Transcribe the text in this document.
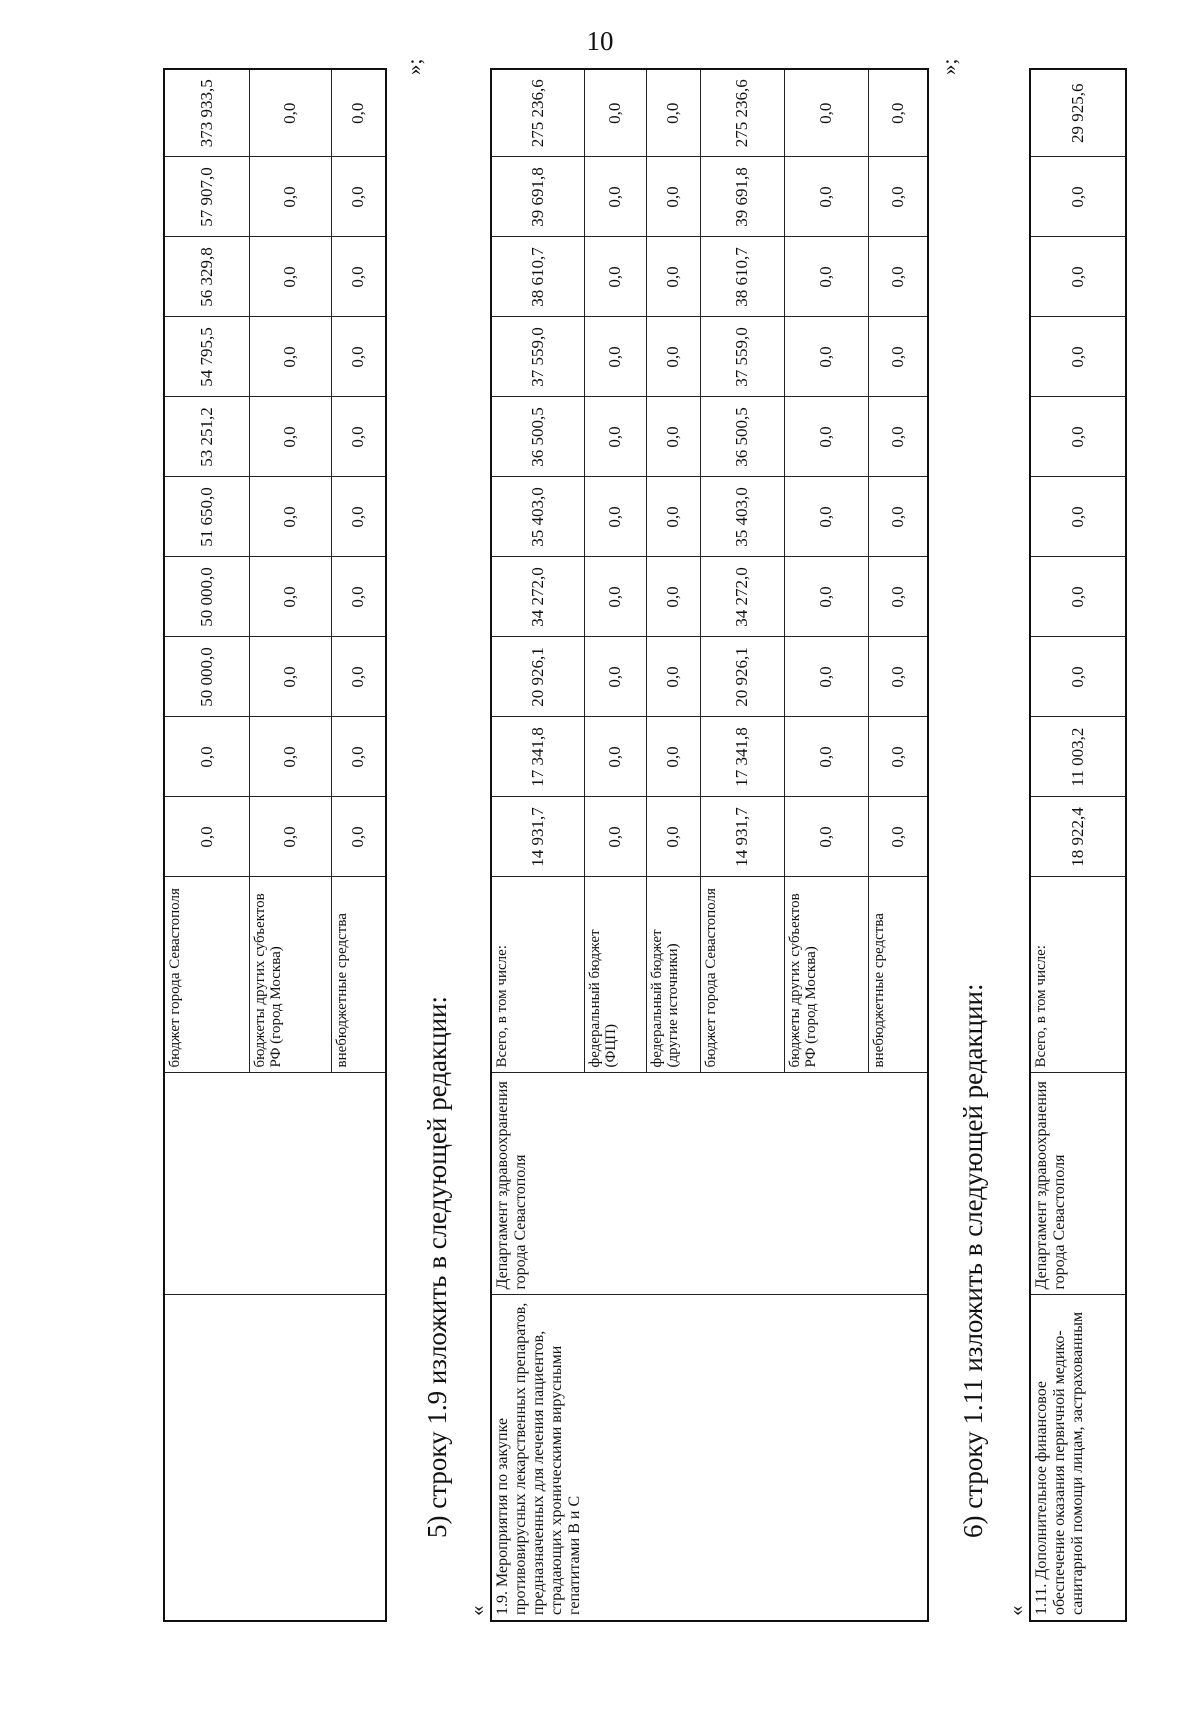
10
		бюджет города Севастополя	0,0	0,0	50 000,0	50 000,0	51 650,0	53 251,2	54 795,5	56 329,8	57 907,0	373 933,5
		бюджеты других субъектов РФ (город Москва)	0,0	0,0	0,0	0,0	0,0	0,0	0,0	0,0	0,0	0,0
		внебюджетные средства	0,0	0,0	0,0	0,0	0,0	0,0	0,0	0,0	0,0	0,0
5) строку 1.9 изложить в следующей редакции:
« 1.9. Мероприятия по закупке противовирусных лекарственных препаратов, предназначенных для лечения пациентов, страдающих хроническими вирусными гепатитами В и С	Департамент здравоохранения города Севастополя	Всего, в том числе:	14 931,7	17 341,8	20 926,1	34 272,0	35 403,0	36 500,5	37 559,0	38 610,7	39 691,8	275 236,6
		федеральный бюджет (ФЦП)	0,0	0,0	0,0	0,0	0,0	0,0	0,0	0,0	0,0	0,0
		федеральный бюджет (другие источники)	0,0	0,0	0,0	0,0	0,0	0,0	0,0	0,0	0,0	0,0
		бюджет города Севастополя	14 931,7	17 341,8	20 926,1	34 272,0	35 403,0	36 500,5	37 559,0	38 610,7	39 691,8	275 236,6
		бюджеты других субъектов РФ (город Москва)	0,0	0,0	0,0	0,0	0,0	0,0	0,0	0,0	0,0	0,0
		внебюджетные средства	0,0	0,0	0,0	0,0	0,0	0,0	0,0	0,0	0,0	0,0
»;
6) строку 1.11 изложить в следующей редакции:
«
»;
1.11. Дополнительное финансовое обеспечение оказания первичной медико-санитарной помощи лицам, застрахованным	Департамент здравоохранения города Севастополя	Всего, в том числе:	18 922,4	11 003,2	0,0	0,0	0,0	0,0	0,0	0,0	0,0	29 925,6
